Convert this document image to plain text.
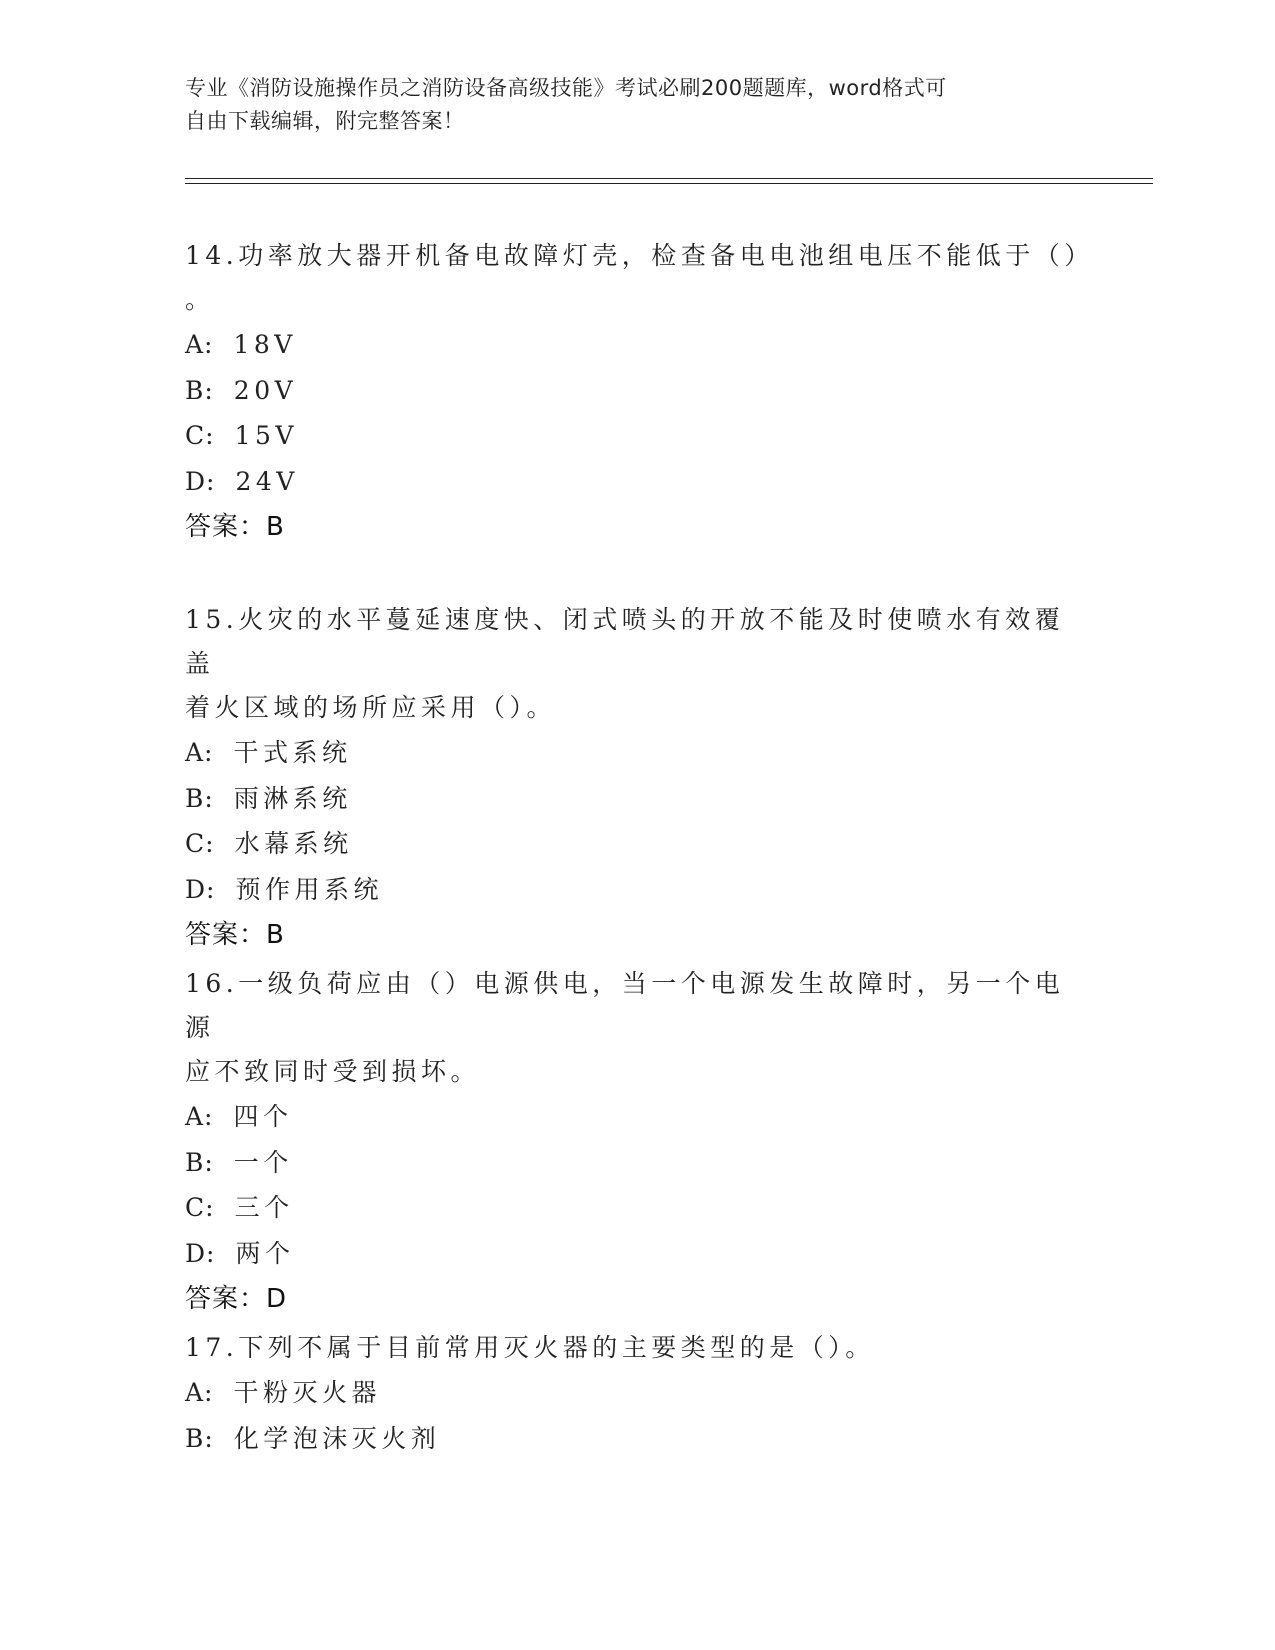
专业《消防设施操作员之消防设备高级技能》考试必刷200题题库，word格式可
自由下载编辑，附完整答案！

14.功率放大器开机备电故障灯壳，检查备电电池组电压不能低于（）

。

A: 18V

B: 20V

C: 15V

D: 24V

答案：B

15.火灾的水平蔓延速度快、闭式喷头的开放不能及时使喷水有效覆盖

着火区域的场所应采用（）。

A: 干式系统

B: 雨淋系统

C: 水幕系统

D: 预作用系统

答案：B

16.一级负荷应由（）电源供电，当一个电源发生故障时，另一个电源

应不致同时受到损坏。

A: 四个

B: 一个

C: 三个

D: 两个

答案：D

17.下列不属于目前常用灭火器的主要类型的是（）。

A: 干粉灭火器

B: 化学泡沫灭火剂
